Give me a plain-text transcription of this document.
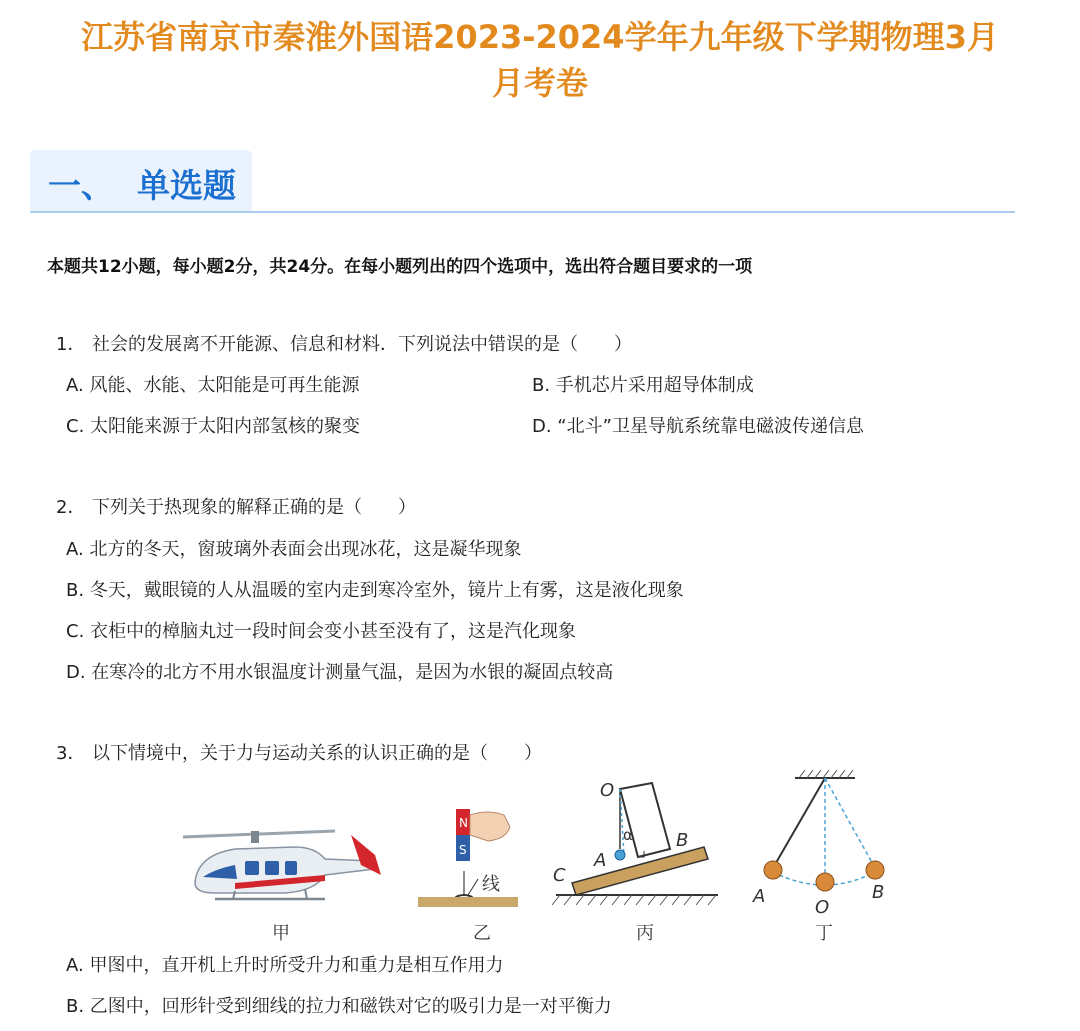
江苏省南京市秦淮外国语2023-2024学年九年级下学期物理3月
月考卷
一、  单选题
本题共12小题，每小题2分，共24分。在每小题列出的四个选项中，选出符合题目要求的一项
1． 社会的发展离不开能源、信息和材料．下列说法中错误的是（　　）
A. 风能、水能、太阳能是可再生能源	B. 手机芯片采用超导体制成
C. 太阳能来源于太阳内部氢核的聚变	D. “北斗”卫星导航系统靠电磁波传递信息
2． 下列关于热现象的解释正确的是（　　）
A. 北方的冬天，窗玻璃外表面会出现冰花，这是凝华现象
B. 冬天，戴眼镜的人从温暖的室内走到寒冷室外，镜片上有雾，这是液化现象
C. 衣柜中的樟脑丸过一段时间会变小甚至没有了，这是汽化现象
D. 在寒冷的北方不用水银温度计测量气温，是因为水银的凝固点较高
3． 以下情境中，关于力与运动关系的认识正确的是（　　）
甲
N
S
线
乙
O
α
A
B
C
丙
A
O
B
丁
A. 甲图中，直开机上升时所受升力和重力是相互作用力
B. 乙图中，回形针受到细线的拉力和磁铁对它的吸引力是一对平衡力
